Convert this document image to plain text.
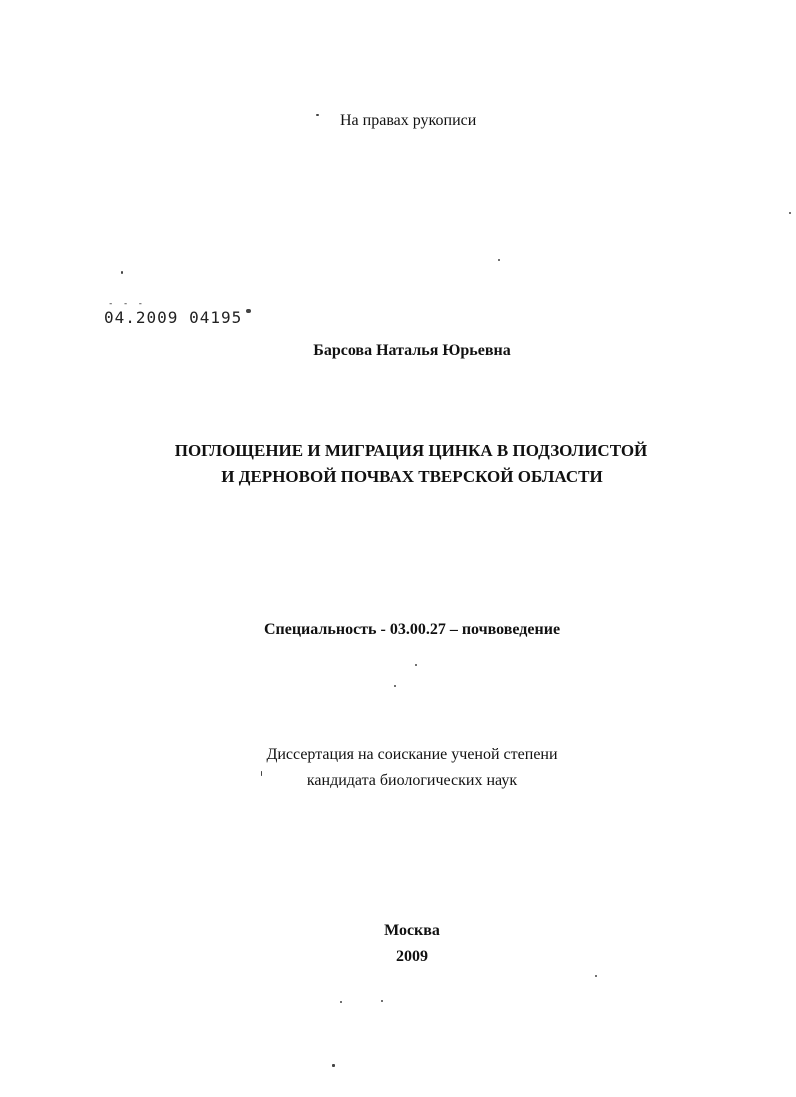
На правах рукописи
- - -
04.2009 04195
Барсова Наталья Юрьевна
ПОГЛОЩЕНИЕ И МИГРАЦИЯ ЦИНКА В ПОДЗОЛИСТОЙ
И ДЕРНОВОЙ ПОЧВАХ ТВЕРСКОЙ ОБЛАСТИ
Специальность - 03.00.27 – почвоведение
Диссертация на соискание ученой степени
кандидата биологических наук
Москва
2009
